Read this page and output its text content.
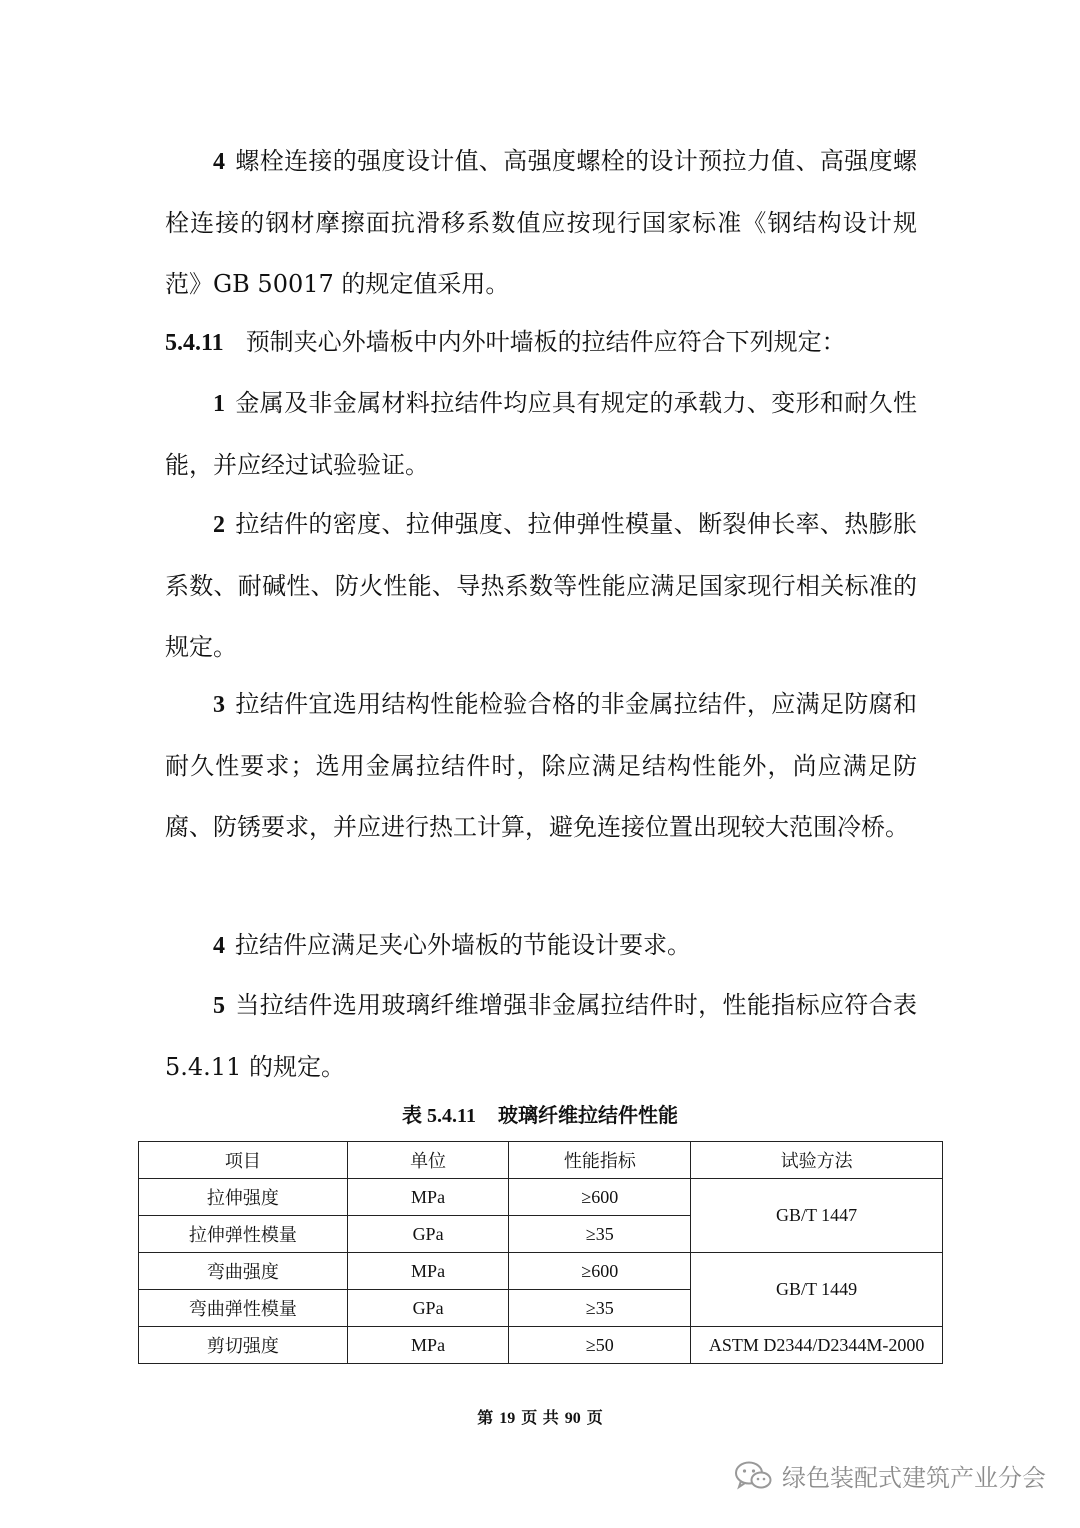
4 螺栓连接的强度设计值、高强度螺栓的设计预拉力值、高强度螺栓连接的钢材摩擦面抗滑移系数值应按现行国家标准《钢结构设计规范》GB 50017 的规定值采用。

5.4.11 预制夹心外墙板中内外叶墙板的拉结件应符合下列规定：

1 金属及非金属材料拉结件均应具有规定的承载力、变形和耐久性能，并应经过试验验证。

2 拉结件的密度、拉伸强度、拉伸弹性模量、断裂伸长率、热膨胀系数、耐碱性、防火性能、导热系数等性能应满足国家现行相关标准的规定。

3 拉结件宜选用结构性能检验合格的非金属拉结件，应满足防腐和耐久性要求；选用金属拉结件时，除应满足结构性能外，尚应满足防腐、防锈要求，并应进行热工计算，避免连接位置出现较大范围冷桥。

4 拉结件应满足夹心外墙板的节能设计要求。

5 当拉结件选用玻璃纤维增强非金属拉结件时，性能指标应符合表 5.4.11 的规定。

表 5.4.11 玻璃纤维拉结件性能
项目	单位	性能指标	试验方法
拉伸强度	MPa	≥600	GB/T 1447
拉伸弹性模量	GPa	≥35	
弯曲强度	MPa	≥600	GB/T 1449
弯曲弹性模量	GPa	≥35	
剪切强度	MPa	≥50	ASTM D2344/D2344M-2000
第 19 页 共 90 页
绿色装配式建筑产业分会
